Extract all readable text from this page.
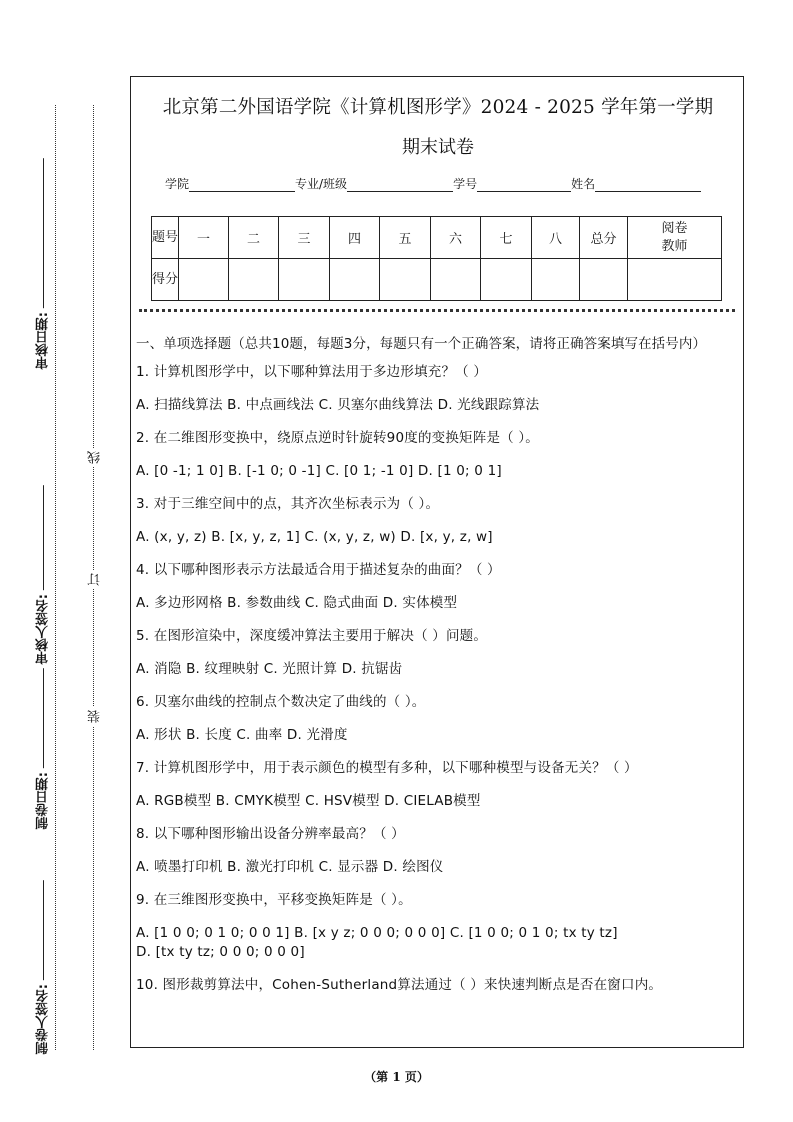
审核日期:
审核人签名:
制卷日期:
制卷人签名:
线
订
装
北京第二外国语学院《计算机图形学》2024 - 2025 学年第一学期
期末试卷
学院	专业/班级	学号	姓名
题号	一	二	三	四	五	六	七	八	总分	阅卷教师
得分										

一、单项选择题（总共10题，每题3分，每题只有一个正确答案，请将正确答案填写在括号内）

1. 计算机图形学中，以下哪种算法用于多边形填充？（ ）

A. 扫描线算法 B. 中点画线法 C. 贝塞尔曲线算法 D. 光线跟踪算法

2. 在二维图形变换中，绕原点逆时针旋转90度的变换矩阵是（ ）。

A. [0 -1; 1 0] B. [-1 0; 0 -1] C. [0 1; -1 0] D. [1 0; 0 1]

3. 对于三维空间中的点，其齐次坐标表示为（ ）。

A. (x, y, z) B. [x, y, z, 1] C. (x, y, z, w) D. [x, y, z, w]

4. 以下哪种图形表示方法最适合用于描述复杂的曲面？（ ）

A. 多边形网格 B. 参数曲线 C. 隐式曲面 D. 实体模型

5. 在图形渲染中，深度缓冲算法主要用于解决（ ）问题。

A. 消隐 B. 纹理映射 C. 光照计算 D. 抗锯齿

6. 贝塞尔曲线的控制点个数决定了曲线的（ ）。

A. 形状 B. 长度 C. 曲率 D. 光滑度

7. 计算机图形学中，用于表示颜色的模型有多种，以下哪种模型与设备无关？（ ）

A. RGB模型 B. CMYK模型 C. HSV模型 D. CIELAB模型

8. 以下哪种图形输出设备分辨率最高？（ ）

A. 喷墨打印机 B. 激光打印机 C. 显示器 D. 绘图仪

9. 在三维图形变换中，平移变换矩阵是（ ）。

A. [1 0 0; 0 1 0; 0 0 1] B. [x y z; 0 0 0; 0 0 0] C. [1 0 0; 0 1 0; tx ty tz]

D. [tx ty tz; 0 0 0; 0 0 0]

10. 图形裁剪算法中，Cohen-Sutherland算法通过（ ）来快速判断点是否在窗口内。

（第 1 页）
